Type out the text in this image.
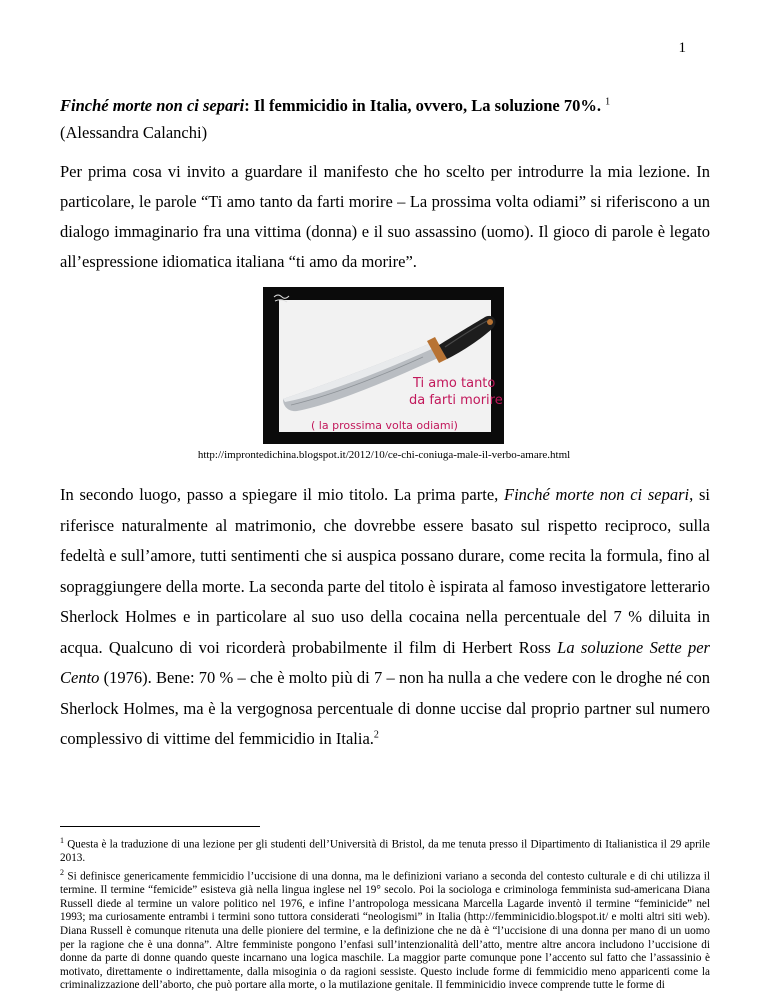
1
Finché morte non ci separi: Il femmicidio in Italia, ovvero, La soluzione 70%. $^1$
(Alessandra Calanchi)
Per prima cosa vi invito a guardare il manifesto che ho scelto per introdurre la mia lezione. In particolare, le parole “Ti amo tanto da farti morire – La prossima volta odiami” si riferiscono a un dialogo immaginario fra una vittima (donna) e il suo assassino (uomo). Il gioco di parole è legato all’espressione idiomatica italiana “ti amo da morire”.
Ti amo tanto
da farti morire
( la prossima volta odiami)
http://improntedichina.blogspot.it/2012/10/ce-chi-coniuga-male-il-verbo-amare.html
In secondo luogo, passo a spiegare il mio titolo. La prima parte, Finché morte non ci separi, si riferisce naturalmente al matrimonio, che dovrebbe essere basato sul rispetto reciproco, sulla fedeltà e sull’amore, tutti sentimenti che si auspica possano durare, come recita la formula, fino al sopraggiungere della morte. La seconda parte del titolo è ispirata al famoso investigatore letterario Sherlock Holmes e in particolare al suo uso della cocaina nella percentuale del 7 % diluita in acqua. Qualcuno di voi ricorderà probabilmente il film di Herbert Ross La soluzione Sette per Cento (1976). Bene: 70 % – che è molto più di 7 – non ha nulla a che vedere con le droghe né con Sherlock Holmes, ma è la vergognosa percentuale di donne uccise dal proprio partner sul numero complessivo di vittime del femmicidio in Italia.$^2$

$^1$ Questa è la traduzione di una lezione per gli studenti dell’Università di Bristol, da me tenuta presso il Dipartimento di Italianistica il 29 aprile 2013.

$^2$ Si definisce genericamente femmicidio l’uccisione di una donna, ma le definizioni variano a seconda del contesto culturale e di chi utilizza il termine. Il termine “femicide” esisteva già nella lingua inglese nel 19° secolo. Poi la sociologa e criminologa femminista sud-americana Diana Russell diede al termine un valore politico nel 1976, e infine l’antropologa messicana Marcella Lagarde inventò il termine “feminicide” nel 1993; ma curiosamente entrambi i termini sono tuttora considerati “neologismi” in Italia (http://femminicidio.blogspot.it/ e molti altri siti web). Diana Russell è comunque ritenuta una delle pioniere del termine, e la definizione che ne dà è “l’uccisione di una donna per mano di un uomo per la ragione che è una donna”. Altre femministe pongono l’enfasi sull’intenzionalità dell’atto, mentre altre ancora includono l’uccisione di donne da parte di donne quando queste incarnano una logica maschile. La maggior parte comunque pone l’accento sul fatto che l’assassinio è motivato, direttamente o indirettamente, dalla misoginia o da ragioni sessiste. Questo include forme di femmicidio meno apparicenti come la criminalizzazione dell’aborto, che può portare alla morte, o la mutilazione genitale. Il femminicidio invece comprende tutte le forme di
